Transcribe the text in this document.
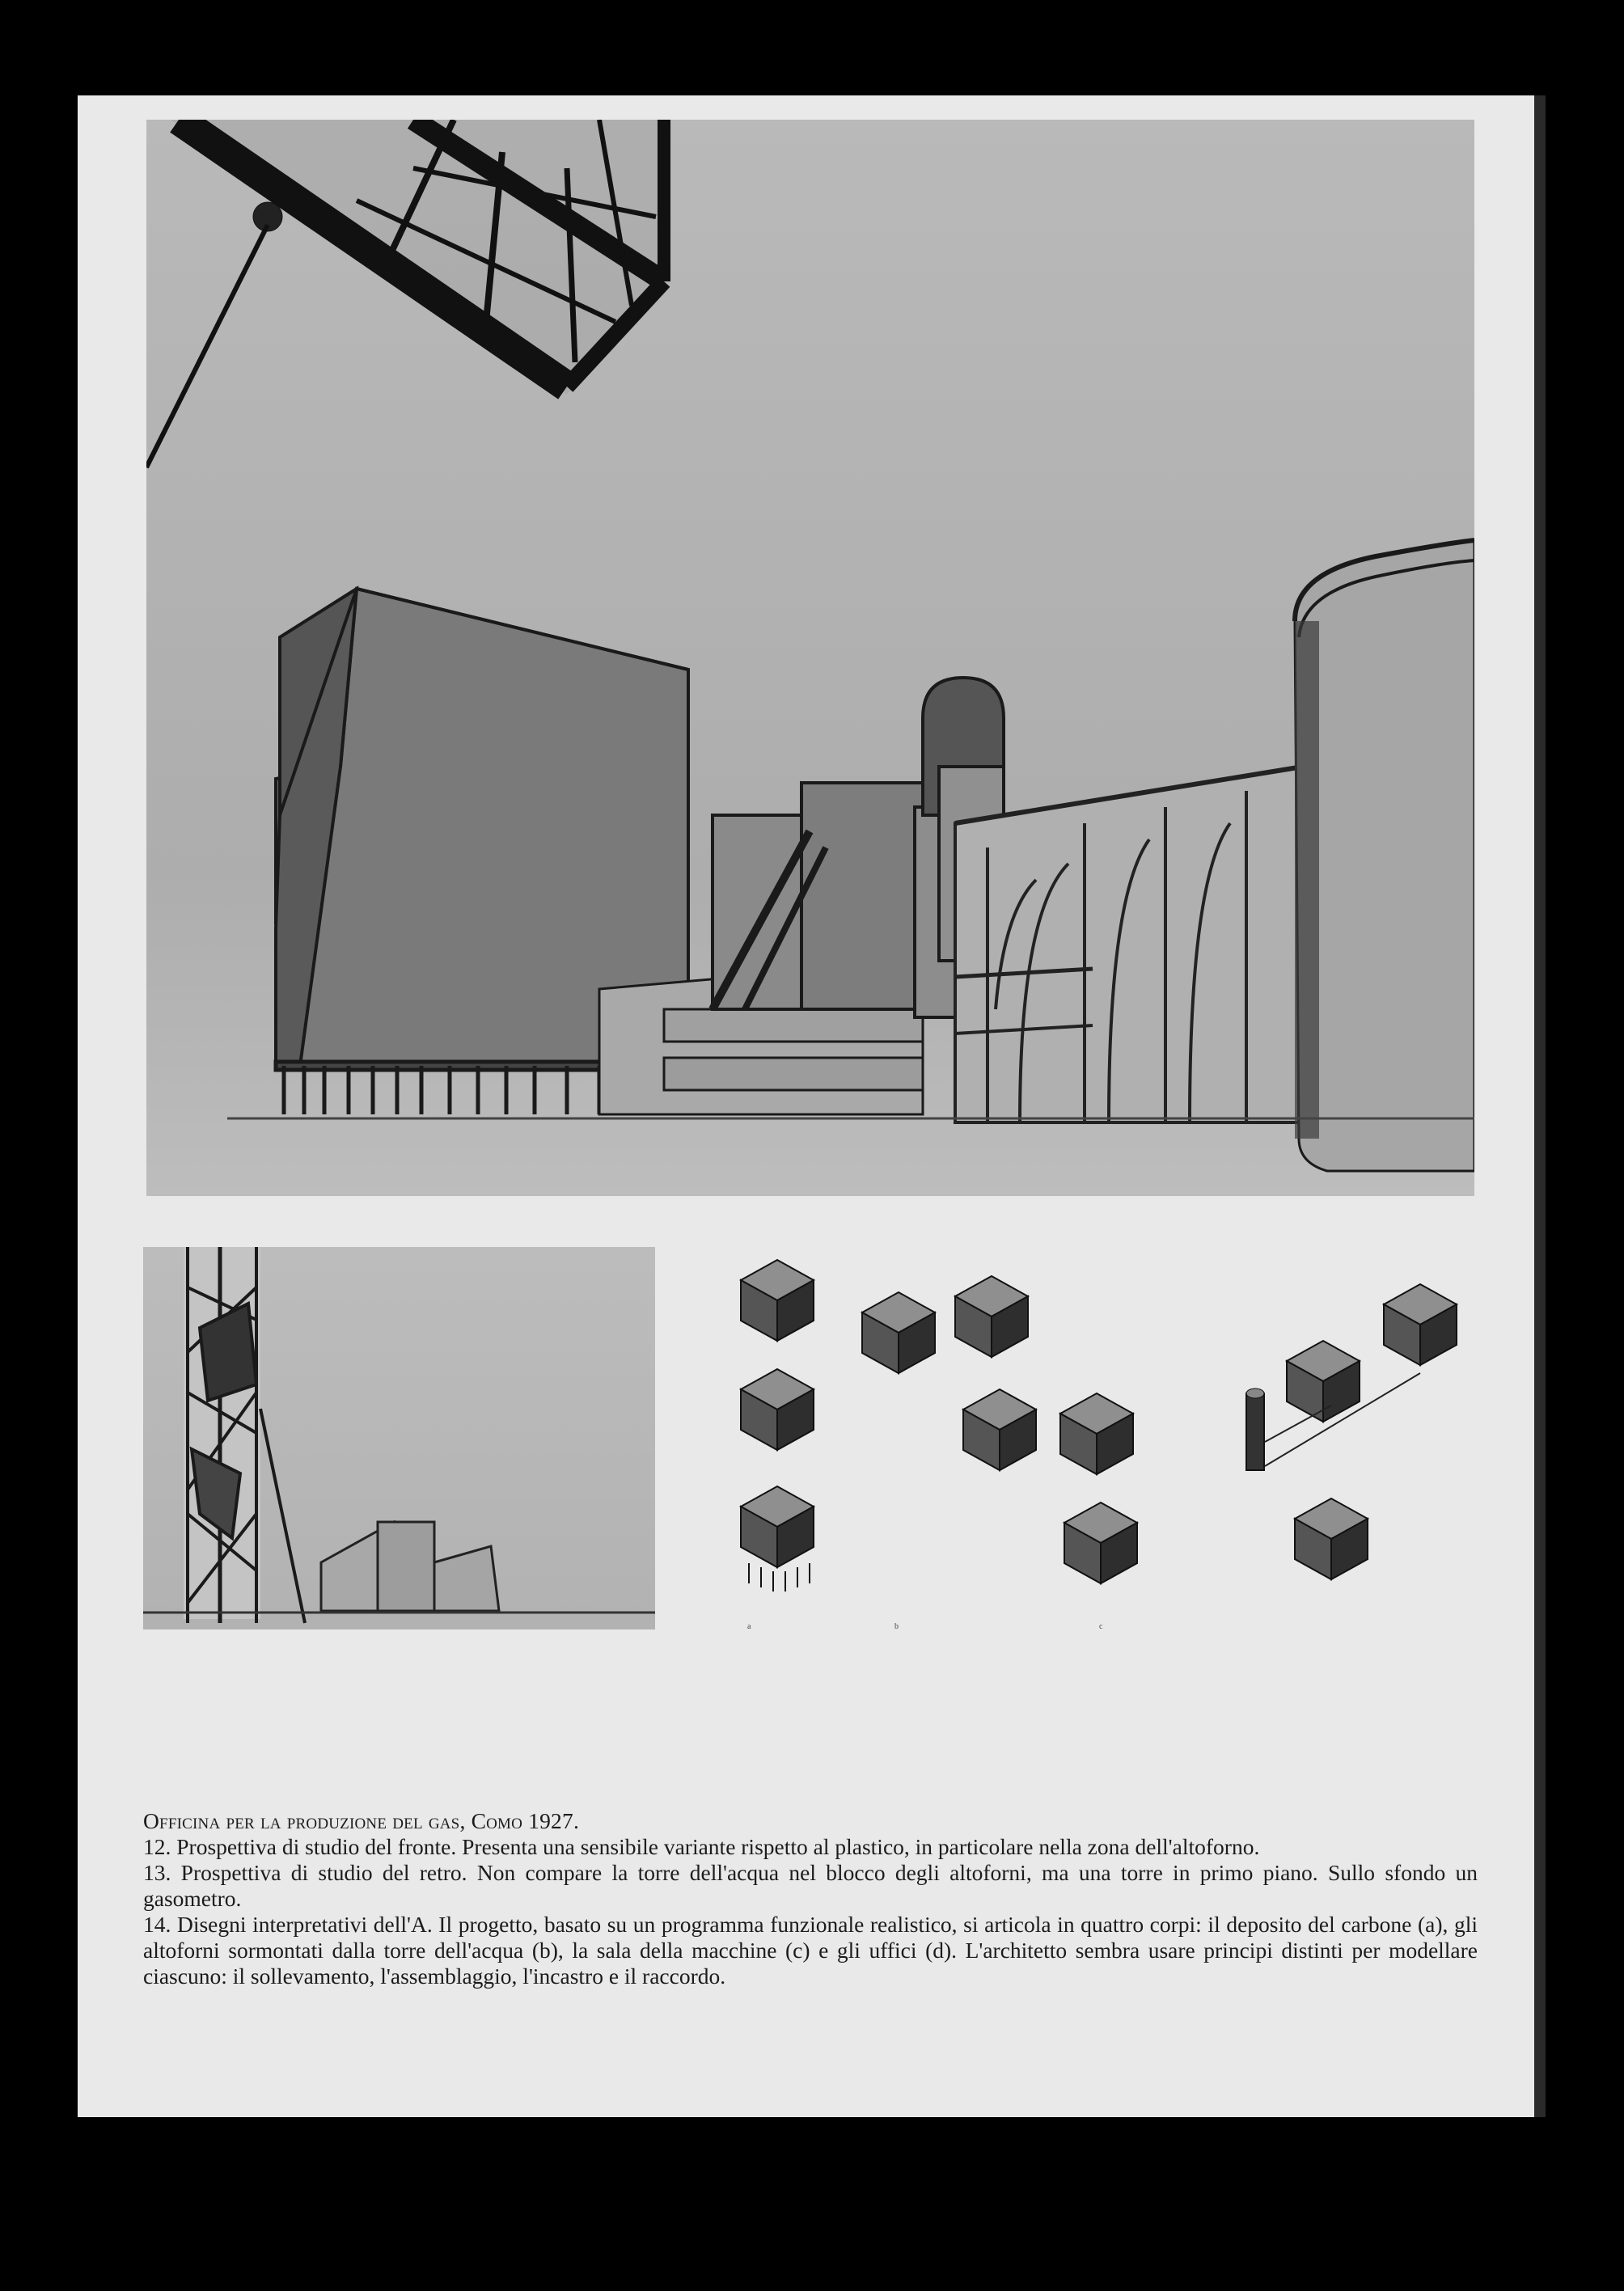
a	b	c

Officina per la produzione del gas, Como 1927.

12. Prospettiva di studio del fronte. Presenta una sensibile variante rispetto al plastico, in particolare nella zona dell'altoforno.

13. Prospettiva di studio del retro. Non compare la torre dell'acqua nel blocco degli altoforni, ma una torre in primo piano. Sullo sfondo un gasometro.

14. Disegni interpretativi dell'A. Il progetto, basato su un programma funzionale realistico, si articola in quattro corpi: il deposito del carbone (a), gli altoforni sormontati dalla torre dell'acqua (b), la sala della macchine (c) e gli uffici (d). L'architetto sembra usare principi distinti per modellare ciascuno: il sollevamento, l'assemblaggio, l'incastro e il raccordo.
